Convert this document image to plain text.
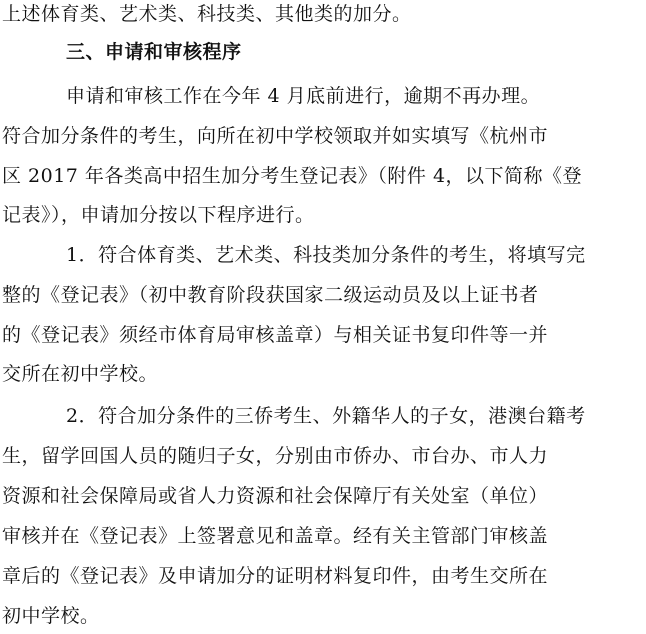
上述体育类、艺术类、科技类、其他类的加分。
三、申请和审核程序
申请和审核工作在今年 4 月底前进行，逾期不再办理。
符合加分条件的考生，向所在初中学校领取并如实填写《杭州市
区 2017 年各类高中招生加分考生登记表》（附件 4，以下简称《登
记表》），申请加分按以下程序进行。
1．符合体育类、艺术类、科技类加分条件的考生，将填写完
整的《登记表》（初中教育阶段获国家二级运动员及以上证书者
的《登记表》须经市体育局审核盖章）与相关证书复印件等一并
交所在初中学校。
2．符合加分条件的三侨考生、外籍华人的子女，港澳台籍考
生，留学回国人员的随归子女，分别由市侨办、市台办、市人力
资源和社会保障局或省人力资源和社会保障厅有关处室（单位）
审核并在《登记表》上签署意见和盖章。经有关主管部门审核盖
章后的《登记表》及申请加分的证明材料复印件，由考生交所在
初中学校。
